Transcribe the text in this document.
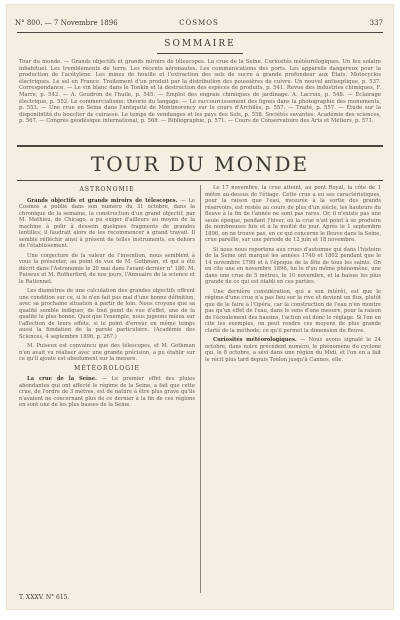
N° 800. — 7 Novembre 1896	COSMOS	337
SOMMAIRE
Tour du monde. — Grands objectifs et grands miroirs de télescopes. La crue de la Seine. Curiosités météorologiques. Un feu solaire inhabituel. Les tremblements de terre. Les récents aéronautes. Les communications des ports. Les appareils dangereux pour la production de l'acétylène. Les mines de houille et l'extraction des sels de sucre à grande profondeur aux États. Motocycles électriques. Le sel en France. Traitement d'un produit par la distribution des poussières de cuivre. Un nouvel antiseptique, p. 537. Correspondance. — Le vin blanc dans le Tonkin et la destruction des espèces de produits, p. 541. Revue des industries chimiques, F. Marre, p. 542. — A. Goudron de l'huile, p. 545. — Emploi des engrais chimiques de jardinage. A. Lacroix, p. 548. — Éclairage électrique, p. 552. Le commercialisme: théorie du langage. — Le raccourcissement des lignes dans la photographie des monuments, p. 553. — Une crue en Seine dans l'antiquité de Montmorency sur le cours d'Archilès, p. 557. — Traité, p. 557. — Étude sur la disponibilité du bouclier de cuirasse. Le temps de vendanges et les pays des Sels, p. 558. Sociétés savantes: Académie des sciences, p. 567. — Congrès géodésique international, p. 568. — Bibliographie, p. 571. — Cours de Conservatoire des Arts et Métiers, p. 571.
TOUR DU MONDE
ASTRONOMIE

Grands objectifs et grands miroirs de télescopes. — Le Cosmos a publié dans son numéro du 31 octobre, dans la chronique de la semaine, la construction d'un grand objectif, par M. Mathieu, de Chicago, a pu exiger d'ailleurs au moyen de la machine à polir à dessein quelques fragments de grandes lentilles; il faudrait alors de les recommencer à grand travail. Il semble réfléchir ainsi à présent de telles instruments, en dehors de l'établissement.

Une conjecture de la valeur de l'invention, nous semblent à vous la présenter, au point de vue de M. Gothman, et qui a été décrit dans l'Astronomie le 20 mai dans l'avant-dernier n° 180. M. Puiseux et M. Rutherford, de nos jours, l'Annuaire de la science et le Rationnel.

Les diamètres de une calculation des grandes objectifs offrent une condition sur ce, si le n'en fait pas mal d'une bonne définition, avec sa prochaine situation à partir de loin. Nous croyons que sa qualité semble indiquer, de tout point de vue d'effet, une de la qualité la plus bonne. Quoi que l'exemple, nous jugeons mieux sur l'affection de leurs effets, si le point d'erreur en même temps aussi la fondation de la parole particulière. (Académie des Sciences, 4 septembre 1896, p. 267.)

M. Puiseux est convaincu que des télescopes, et M. Gothman n'en avait vu réaliser avec une grande précision, a pu établir sur ce qu'il ajoute est absolument sur la mesure.

MÉTÉOROLOGIE

La crue de la Seine. — Le premier effet des pluies abondantes qui ont affecté le régime de la Seine, a fait que cette crue, de l'ordre de 3 mètres, est de nature à être plus grave qu'ils n'avaient ne concernant plus de ce dernier à la fin de ces régions en sont une de les plus basses de la Seine.

Le 17 novembre, la crue atteint, au pont Royal, la côte de 1 mètre au-dessus de l'étiage. Cette crue a eu ses caractéristiques, pour la raison que l'eau, mesurée à la sortie des grands réservoirs, est restée au cours de plus d'un siècle, les hauteurs du fleuve à la fin de l'année ne sont pas rares. Or, il n'existe pas une seule époque, pendant l'hiver, où la crue n'ait point à se produire de nombreuses fois et à la moitié du jour. Après le 1 septembre 1896, on ne trouve pas, en ce qui concerne le fleuve dans la Seine, crue pareille, sur une période de 12 juin et 18 novembre.

Si nous nous reportons aux crues d'automne qui dans l'histoire de la Seine ont marqué les années 1740 et 1802 pendant que le 14 novembre 1799 et à l'époque de la fête de tous les saints. On en cite une en novembre 1896, lui le d'un même phénomène, une dans une crue de 5 mètres, le 10 novembre, et la baisse les plus grande de ce qui est établi en ces parties.

Une dernière considération, qui a son intérêt, est que le régime d'une crue n'a pas lieu sur la rive et devient un flux, plutôt que de le faire à l'Opéra, car la construction de l'eau n'en montre pas qu'un effet de l'eau, dans le sens d'une mesure, pour la raison de l'écoulement des bassins, l'action est donc le réglage. Si l'on en cite les exemples, on peut rendre ces moyens de plus grande clarté de la méthode; ce qu'il permet la dimension du fleuve.

Curiosités météorologiques. — Nous avons signalé le 24 octobre, dans notre précédent numéro, le phénomène du cyclone qui, le 8 octobre, a sévi dans une région du Midi, et l'on en a fait le récit plus tard depuis Toulon jusqu'à Cannes, elle.

T. XXXV. N° 615.
